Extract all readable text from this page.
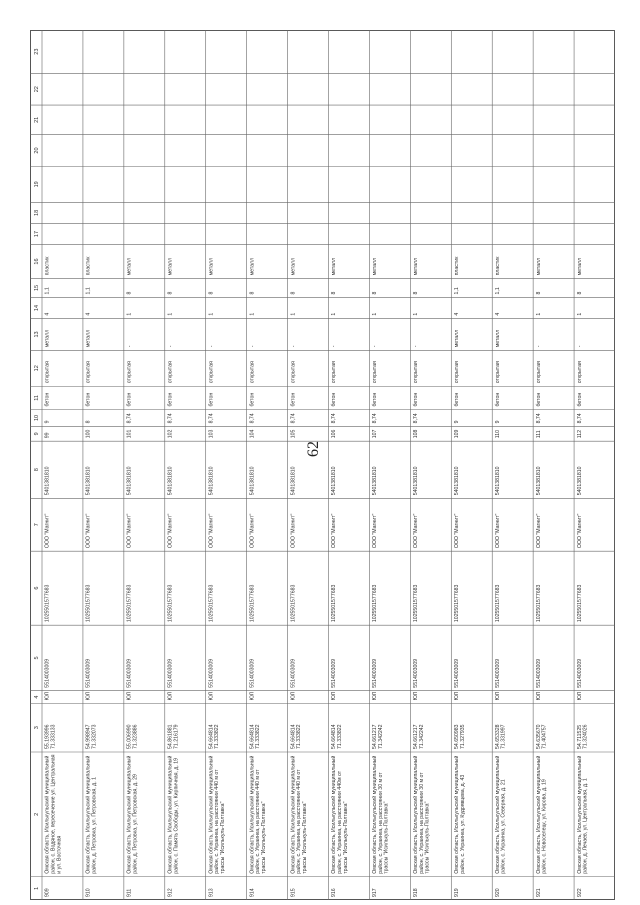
1
2
3
4
5
6
7
8
9
10
11
12
13
14
15
16
17
18
19
20
21
22
23
909
Омская область, Исилькульский муниципальныйрайон, с. Водяное, пересечение ул. Центральнаяи ул. Восточная
55.19399671.333133
ЮЛ
5514003009
1025501577683
ООО "Магнит"
5401381810
99
9
бетон
открытая
металл
4
1,1
пластик
910
Омская область, Исилькульский муниципальныйрайон, д. Петровка, ул. Петровская, д. 1
54.99894771.332073
ЮЛ
5514003009
1025501577683
ООО "Магнит"
5401381810
100
8
бетон
открытая
металл
4
1,1
пластик
911
Омская область, Исилькульский муниципальныйрайон, д. Петровка, ул. Петровская, д. 29
55.00699071.323886
ЮЛ
5514003009
1025501577683
ООО "Магнит"
5401381810
101
8,74
бетон
открытая
-
1
8
металл
912
Омская область, Исилькульский муниципальныйрайон, с. Память Свободы, ул. Кирпичная, д. 19
54.86188171.216179
ЮЛ
5514003009
1025501577683
ООО "Магнит"
5401381810
102
8,74
бетон
открытая
-
1
8
металл
913
Омская область, Исилькульский муниципальныйрайон, с. Украинка, на расстоянии 440 м оттрассы "Исилькуль-Полтавка"
54.66481471.333822
ЮЛ
5514003009
1025501577683
ООО "Магнит"
5401381810
103
8,74
бетон
открытая
-
1
8
металл
914
Омская область, Исилькульский муниципальныйрайон, с. Украинка, на расстоянии 440 м оттрассы "Исилькуль-Полтавка"
54.66481471.333822
ЮЛ
5514003009
1025501577683
ООО "Магнит"
5401381810
104
8,74
бетон
открытая
-
1
8
металл
915
Омская область, Исилькульский муниципальныйрайон, с. Украинка, на расстоянии 440 м оттрассы "Исилькуль-Полтавка"
54.66481471.333822
ЮЛ
5514003009
1025501577683
ООО "Магнит"
5401381810
105
8,74
бетон
открытая
-
1
8
металл
916
Омская область, Исилькульский муниципальныйрайон, с. Украинка, на расстоянии 440м оттрассы "Исилькуль-Полтавка"
54.66481471.333822
ЮЛ
5514003009
1025501577683
ООО "Магнит"
5401381810
106
8,74
бетон
открытая
-
1
8
металл
917
Омская область, Исилькульский муниципальныйрайон, с. Украинка, на расстоянии 30 м оттрассы "Исилькуль-Полтавка"
54.66121771.342242
ЮЛ
5514003009
1025501577683
ООО "Магнит"
5401381810
107
8,74
бетон
открытая
-
1
8
металл
918
Омская область, Исилькульский муниципальныйрайон, с. Украинка, на расстоянии 30 м оттрассы "Исилькуль-Полтавка"
54.66121771.342242
ЮЛ
5514003009
1025501577683
ООО "Магнит"
5401381810
108
8,74
бетон
открытая
-
1
8
металл
919
Омская область, Исилькульский муниципальныйрайон, с. Украинка, ул. Кудрявцева, д. 43
54.65098371.327935
ЮЛ
5514003009
1025501577683
ООО "Магнит"
5401381810
109
9
бетон
открытая
металл
4
1,1
пластик
920
Омская область, Исилькульский муниципальныйрайон, с. Украинка, ул. Северная, д. 21
54.65332871.331997
ЮЛ
5514003009
1025501577683
ООО "Магнит"
5401381810
110
9
бетон
открытая
металл
4
1,1
пластик
921
Омская область, Исилькульский муниципальныйрайон, с. Новоселецк, ул. Кирова, д. 19
54.63567071.404757
ЮЛ
5514003009
1025501577683
ООО "Магнит"
5401381810
111
8,74
бетон
открытая
-
1
8
металл
922
Омская область, Исилькульский муниципальныйрайон, д. Лечаев, ул. Центральная, д. 1
54.71152571.324026
ЮЛ
5514003009
1025501577683
ООО "Магнит"
5401381810
112
8,74
бетон
открытая
-
1
8
металл
62
